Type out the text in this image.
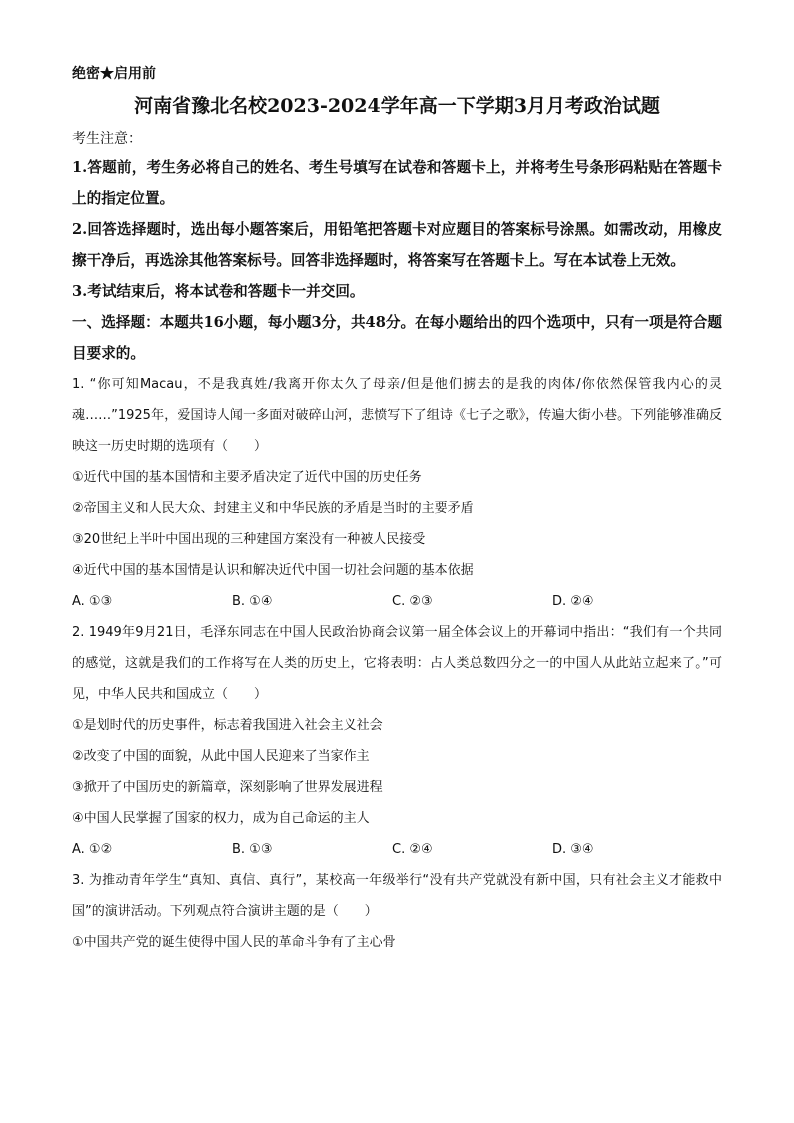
绝密★启用前
河南省豫北名校2023-2024学年高一下学期3月月考政治试题
考生注意：
1.答题前，考生务必将自己的姓名、考生号填写在试卷和答题卡上，并将考生号条形码粘贴在答题卡上的指定位置。
2.回答选择题时，选出每小题答案后，用铅笔把答题卡对应题目的答案标号涂黑。如需改动，用橡皮擦干净后，再选涂其他答案标号。回答非选择题时，将答案写在答题卡上。写在本试卷上无效。
3.考试结束后，将本试卷和答题卡一并交回。
一、选择题：本题共16小题，每小题3分，共48分。在每小题给出的四个选项中，只有一项是符合题目要求的。
1. “你可知Macau，不是我真姓/我离开你太久了母亲/但是他们掳去的是我的肉体/你依然保管我内心的灵魂……”1925年，爱国诗人闻一多面对破碎山河，悲愤写下了组诗《七子之歌》，传遍大街小巷。下列能够准确反映这一历史时期的选项有（　　）
①近代中国的基本国情和主要矛盾决定了近代中国的历史任务
②帝国主义和人民大众、封建主义和中华民族的矛盾是当时的主要矛盾
③20世纪上半叶中国出现的三种建国方案没有一种被人民接受
④近代中国的基本国情是认识和解决近代中国一切社会问题的基本依据
A. ①③	B. ①④	C. ②③	D. ②④
2. 1949年9月21日，毛泽东同志在中国人民政治协商会议第一届全体会议上的开幕词中指出：“我们有一个共同的感觉，这就是我们的工作将写在人类的历史上，它将表明：占人类总数四分之一的中国人从此站立起来了。”可见，中华人民共和国成立（　　）
①是划时代的历史事件，标志着我国进入社会主义社会
②改变了中国的面貌，从此中国人民迎来了当家作主
③掀开了中国历史的新篇章，深刻影响了世界发展进程
④中国人民掌握了国家的权力，成为自己命运的主人
A. ①②	B. ①③	C. ②④	D. ③④
3. 为推动青年学生“真知、真信、真行”，某校高一年级举行“没有共产党就没有新中国，只有社会主义才能救中国”的演讲活动。下列观点符合演讲主题的是（　　）
①中国共产党的诞生使得中国人民的革命斗争有了主心骨
